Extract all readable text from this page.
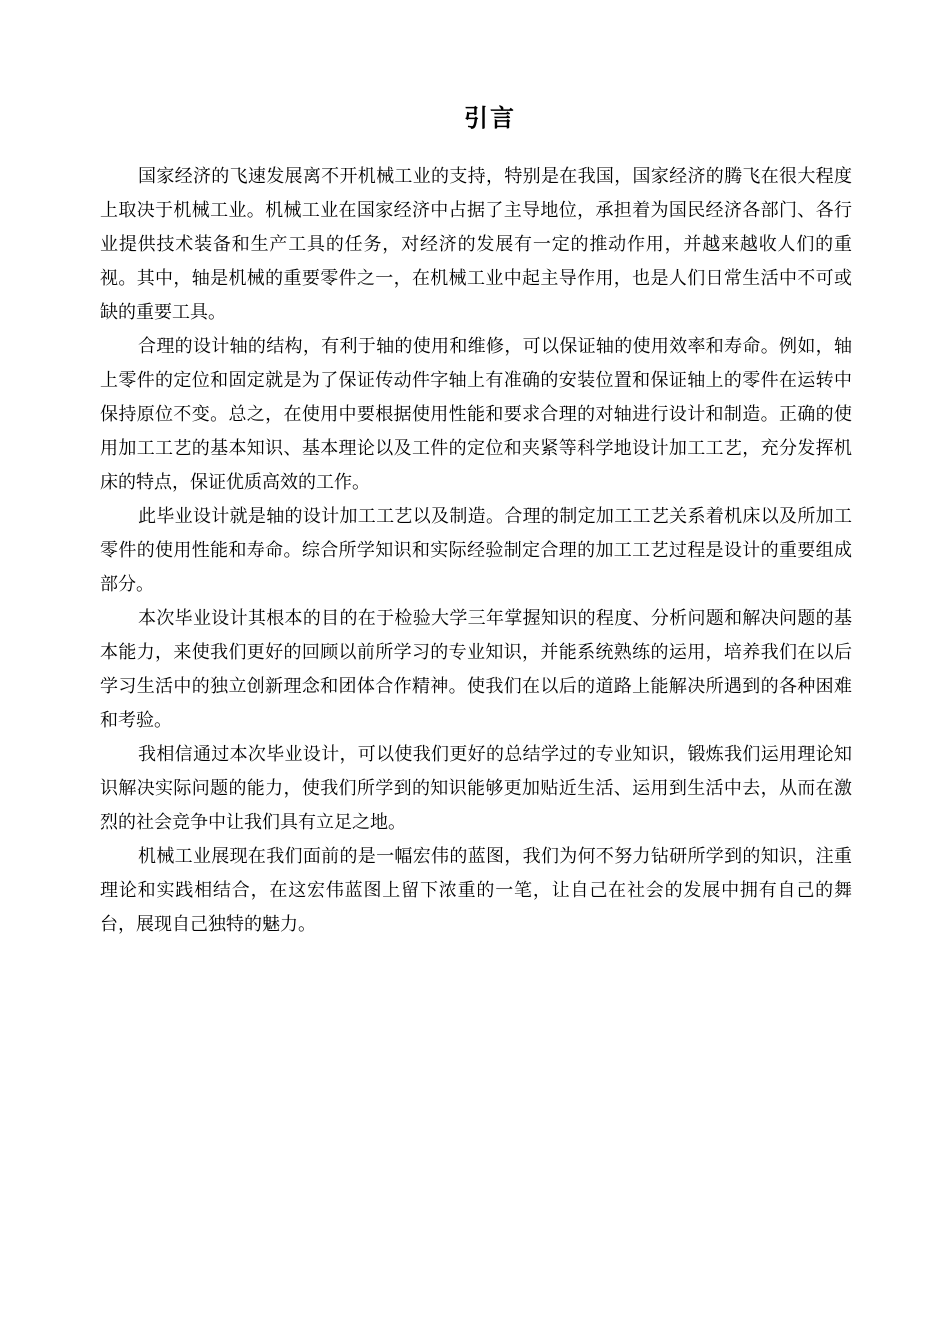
引言

国家经济的飞速发展离不开机械工业的支持，特别是在我国，国家经济的腾飞在很大程度上取决于机械工业。机械工业在国家经济中占据了主导地位，承担着为国民经济各部门、各行业提供技术装备和生产工具的任务，对经济的发展有一定的推动作用，并越来越收人们的重视。其中，轴是机械的重要零件之一，在机械工业中起主导作用，也是人们日常生活中不可或缺的重要工具。

合理的设计轴的结构，有利于轴的使用和维修，可以保证轴的使用效率和寿命。例如，轴上零件的定位和固定就是为了保证传动件字轴上有准确的安装位置和保证轴上的零件在运转中保持原位不变。总之，在使用中要根据使用性能和要求合理的对轴进行设计和制造。正确的使用加工工艺的基本知识、基本理论以及工件的定位和夹紧等科学地设计加工工艺，充分发挥机床的特点，保证优质高效的工作。

此毕业设计就是轴的设计加工工艺以及制造。合理的制定加工工艺关系着机床以及所加工零件的使用性能和寿命。综合所学知识和实际经验制定合理的加工工艺过程是设计的重要组成部分。

本次毕业设计其根本的目的在于检验大学三年掌握知识的程度、分析问题和解决问题的基本能力，来使我们更好的回顾以前所学习的专业知识，并能系统熟练的运用，培养我们在以后学习生活中的独立创新理念和团体合作精神。使我们在以后的道路上能解决所遇到的各种困难和考验。

我相信通过本次毕业设计，可以使我们更好的总结学过的专业知识，锻炼我们运用理论知识解决实际问题的能力，使我们所学到的知识能够更加贴近生活、运用到生活中去，从而在激烈的社会竞争中让我们具有立足之地。

机械工业展现在我们面前的是一幅宏伟的蓝图，我们为何不努力钻研所学到的知识，注重理论和实践相结合，在这宏伟蓝图上留下浓重的一笔，让自己在社会的发展中拥有自己的舞台，展现自己独特的魅力。
